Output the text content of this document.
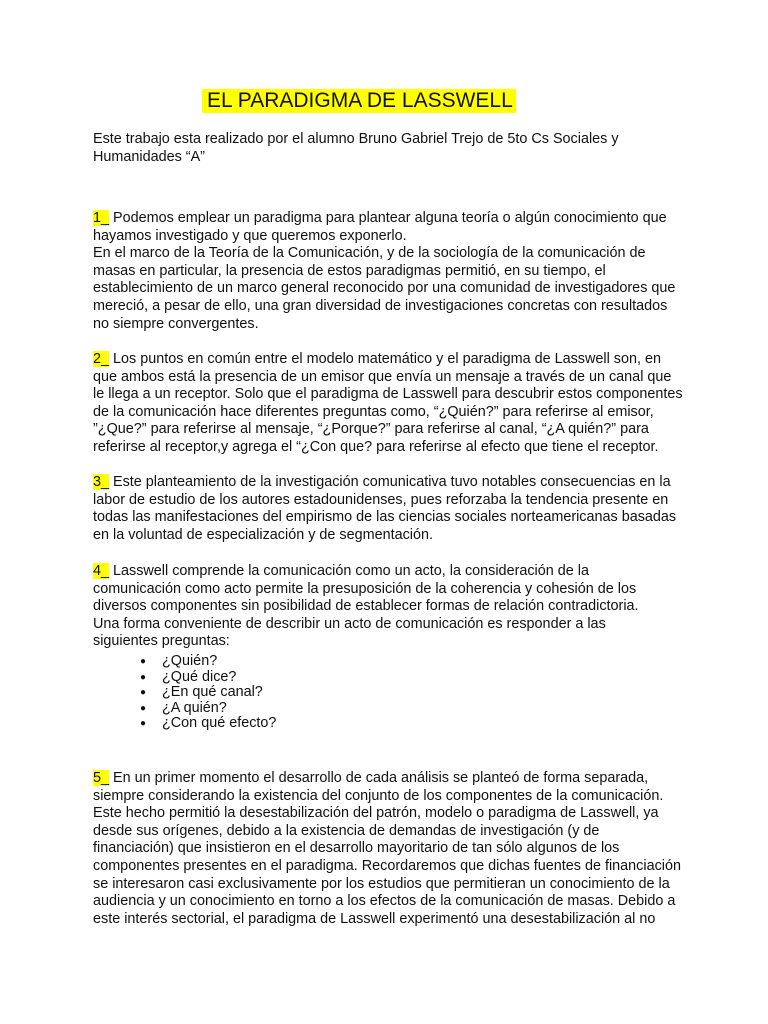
EL PARADIGMA DE LASSWELL
Este trabajo esta realizado por el alumno Bruno Gabriel Trejo de 5to Cs Sociales y
Humanidades “A”
1_ Podemos emplear un paradigma para plantear alguna teoría o algún conocimiento que
hayamos investigado y que queremos exponerlo.
En el marco de la Teoría de la Comunicación, y de la sociología de la comunicación de
masas en particular, la presencia de estos paradigmas permitió, en su tiempo, el
establecimiento de un marco general reconocido por una comunidad de investigadores que
mereció, a pesar de ello, una gran diversidad de investigaciones concretas con resultados
no siempre convergentes.
2_ Los puntos en común entre el modelo matemático y el paradigma de Lasswell son, en
que ambos está la presencia de un emisor que envía un mensaje a través de un canal que
le llega a un receptor. Solo que el paradigma de Lasswell para descubrir estos componentes
de la comunicación hace diferentes preguntas como, “¿Quién?” para referirse al emisor,
”¿Que?” para referirse al mensaje, “¿Porque?” para referirse al canal, “¿A quién?” para
referirse al receptor,y agrega el “¿Con que? para referirse al efecto que tiene el receptor.
3_ Este planteamiento de la investigación comunicativa tuvo notables consecuencias en la
labor de estudio de los autores estadounidenses, pues reforzaba la tendencia presente en
todas las manifestaciones del empirismo de las ciencias sociales norteamericanas basadas
en la voluntad de especialización y de segmentación.
4_ Lasswell comprende la comunicación como un acto, la consideración de la
comunicación como acto permite la presuposición de la coherencia y cohesión de los
diversos componentes sin posibilidad de establecer formas de relación contradictoria.
Una forma conveniente de describir un acto de comunicación es responder a las
siguientes preguntas:
● ¿Quién?
● ¿Qué dice?
● ¿En qué canal?
● ¿A quién?
● ¿Con qué efecto?
5_ En un primer momento el desarrollo de cada análisis se planteó de forma separada,
siempre considerando la existencia del conjunto de los componentes de la comunicación.
Este hecho permitió la desestabilización del patrón, modelo o paradigma de Lasswell, ya
desde sus orígenes, debido a la existencia de demandas de investigación (y de
financiación) que insistieron en el desarrollo mayoritario de tan sólo algunos de los
componentes presentes en el paradigma. Recordaremos que dichas fuentes de financiación
se interesaron casi exclusivamente por los estudios que permitieran un conocimiento de la
audiencia y un conocimiento en torno a los efectos de la comunicación de masas. Debido a
este interés sectorial, el paradigma de Lasswell experimentó una desestabilización al no
